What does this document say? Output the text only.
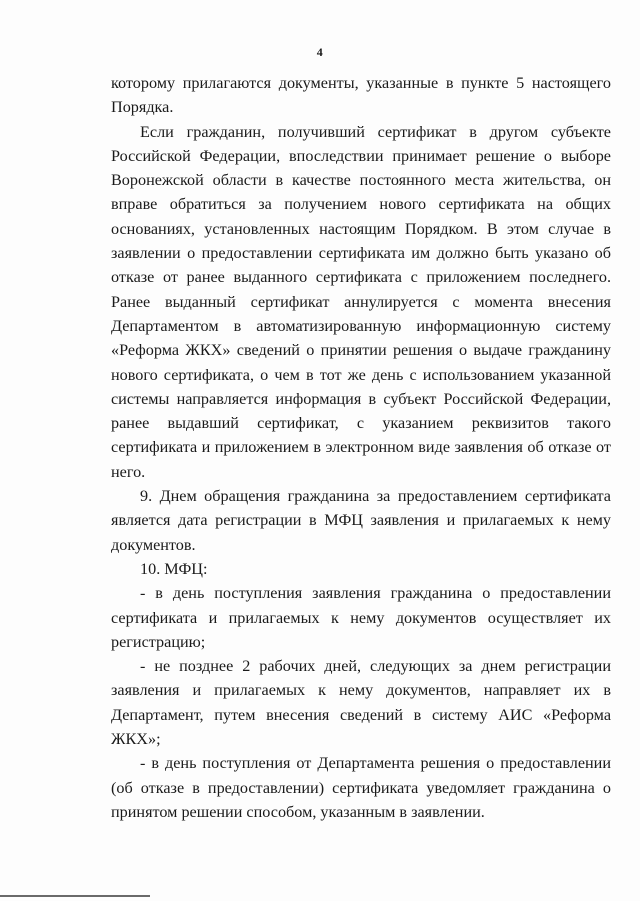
4

которому прилагаются документы, указанные в пункте 5 настоящего Порядка.

Если гражданин, получивший сертификат в другом субъекте Российской Федерации, впоследствии принимает решение о выборе Воронежской области в качестве постоянного места жительства, он вправе обратиться за получением нового сертификата на общих основаниях, установленных настоящим Порядком. В этом случае в заявлении о предоставлении сертификата им должно быть указано об отказе от ранее выданного сертификата с приложением последнего. Ранее выданный сертификат аннулируется с момента внесения Департаментом в автоматизированную информационную систему «Реформа ЖКХ» сведений о принятии решения о выдаче гражданину нового сертификата, о чем в тот же день с использованием указанной системы направляется информация в субъект Российской Федерации, ранее выдавший сертификат, с указанием реквизитов такого сертификата и приложением в электронном виде заявления об отказе от него.

9. Днем обращения гражданина за предоставлением сертификата является дата регистрации в МФЦ заявления и прилагаемых к нему документов.

10. МФЦ:

- в день поступления заявления гражданина о предоставлении сертификата и прилагаемых к нему документов осуществляет их регистрацию;

- не позднее 2 рабочих дней, следующих за днем регистрации заявления и прилагаемых к нему документов, направляет их в Департамент, путем внесения сведений в систему АИС «Реформа ЖКХ»;

- в день поступления от Департамента решения о предоставлении (об отказе в предоставлении) сертификата уведомляет гражданина о принятом решении способом, указанным в заявлении.
